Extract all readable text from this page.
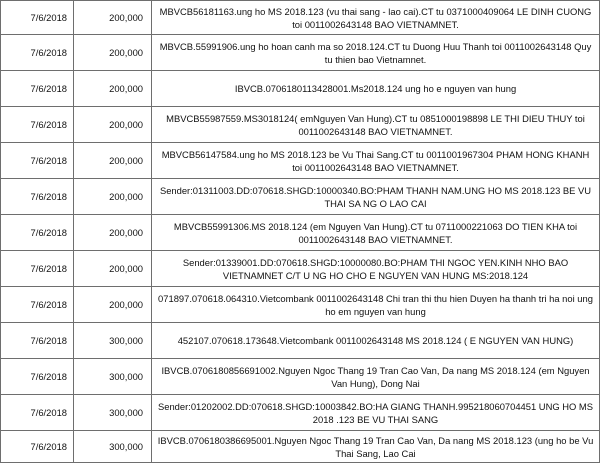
7/6/2018	200,000	MBVCB56181163.ung ho MS 2018.123 (vu thai sang - lao cai).CT tu 0371000409064 LE DINH CUONG toi 0011002643148 BAO VIETNAMNET.
7/6/2018	200,000	MBVCB.55991906.ung ho hoan canh ma so 2018.124.CT tu Duong Huu Thanh toi 0011002643148 Quy tu thien bao Vietnamnet.
7/6/2018	200,000	IBVCB.0706180113428001.Ms2018.124 ung ho e nguyen van hung
7/6/2018	200,000	MBVCB55987559.MS3018124( emNguyen Van Hung).CT tu 0851000198898 LE THI DIEU THUY toi 0011002643148 BAO VIETNAMNET.
7/6/2018	200,000	MBVCB56147584.ung ho MS 2018.123 be Vu Thai Sang.CT tu 0011001967304 PHAM HONG KHANH toi 0011002643148 BAO VIETNAMNET.
7/6/2018	200,000	Sender:01311003.DD:070618.SHGD:10000340.BO:PHAM THANH NAM.UNG HO MS 2018.123 BE VU THAI SA NG O LAO CAI
7/6/2018	200,000	MBVCB55991306.MS 2018.124 (em Nguyen Van Hung).CT tu 0711000221063 DO TIEN KHA toi 0011002643148 BAO VIETNAMNET.
7/6/2018	200,000	Sender:01339001.DD:070618.SHGD:10000080.BO:PHAM THI NGOC YEN.KINH NHO BAO VIETNAMNET C/T U NG HO CHO E NGUYEN VAN HUNG MS:2018.124
7/6/2018	200,000	071897.070618.064310.Vietcombank 0011002643148 Chi tran thi thu hien Duyen ha thanh tri ha noi ung ho em nguyen van hung
7/6/2018	300,000	452107.070618.173648.Vietcombank 0011002643148 MS 2018.124 ( E NGUYEN VAN HUNG)
7/6/2018	300,000	IBVCB.0706180856691002.Nguyen Ngoc Thang 19 Tran Cao Van, Da nang MS 2018.124 (em Nguyen Van Hung), Dong Nai
7/6/2018	300,000	Sender:01202002.DD:070618.SHGD:10003842.BO:HA GIANG THANH.995218060704451 UNG HO MS 2018 .123 BE VU THAI SANG
7/6/2018	300,000	IBVCB.0706180386695001.Nguyen Ngoc Thang 19 Tran Cao Van, Da nang MS 2018.123 (ung ho be Vu Thai Sang, Lao Cai
